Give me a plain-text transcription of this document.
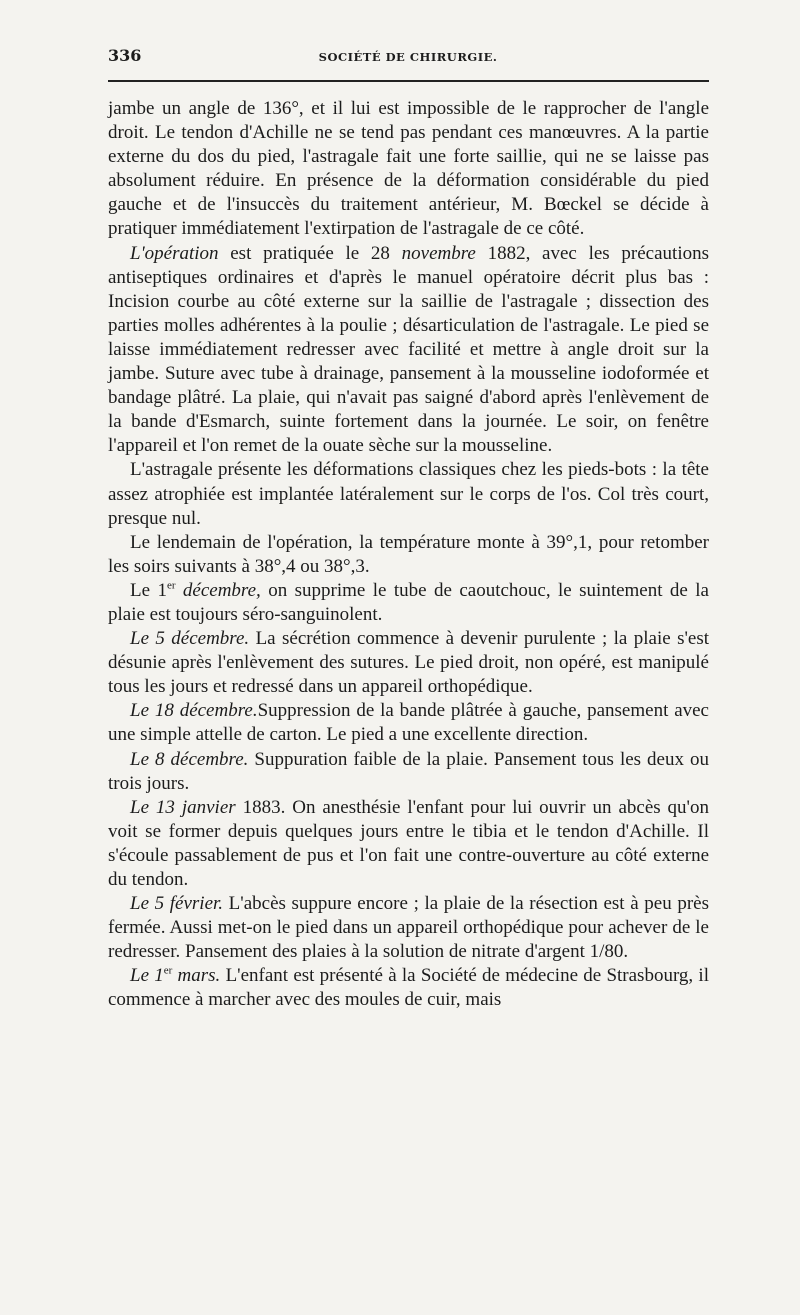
336	SOCIÉTÉ DE CHIRURGIE.

jambe un angle de 136°, et il lui est impossible de le rapprocher de l'angle droit. Le tendon d'Achille ne se tend pas pendant ces manœuvres. A la partie externe du dos du pied, l'astragale fait une forte saillie, qui ne se laisse pas absolument réduire. En présence de la déformation considérable du pied gauche et de l'insuccès du traitement antérieur, M. Bœckel se décide à pratiquer immédiatement l'extirpation de l'astragale de ce côté.

L'opération est pratiquée le 28 novembre 1882, avec les précautions antiseptiques ordinaires et d'après le manuel opératoire décrit plus bas : Incision courbe au côté externe sur la saillie de l'astragale ; dissection des parties molles adhérentes à la poulie ; désarticulation de l'astragale. Le pied se laisse immédiatement redresser avec facilité et mettre à angle droit sur la jambe. Suture avec tube à drainage, pansement à la mousseline iodoformée et bandage plâtré. La plaie, qui n'avait pas saigné d'abord après l'enlèvement de la bande d'Esmarch, suinte fortement dans la journée. Le soir, on fenêtre l'appareil et l'on remet de la ouate sèche sur la mousseline.

L'astragale présente les déformations classiques chez les pieds-bots : la tête assez atrophiée est implantée latéralement sur le corps de l'os. Col très court, presque nul.

Le lendemain de l'opération, la température monte à 39°,1, pour retomber les soirs suivants à 38°,4 ou 38°,3.

Le 1er décembre, on supprime le tube de caoutchouc, le suintement de la plaie est toujours séro-sanguinolent.

Le 5 décembre. La sécrétion commence à devenir purulente ; la plaie s'est désunie après l'enlèvement des sutures. Le pied droit, non opéré, est manipulé tous les jours et redressé dans un appareil orthopédique.

Le 18 décembre.Suppression de la bande plâtrée à gauche, pansement avec une simple attelle de carton. Le pied a une excellente direction.

Le 8 décembre. Suppuration faible de la plaie. Pansement tous les deux ou trois jours.

Le 13 janvier 1883. On anesthésie l'enfant pour lui ouvrir un abcès qu'on voit se former depuis quelques jours entre le tibia et le tendon d'Achille. Il s'écoule passablement de pus et l'on fait une contre-ouverture au côté externe du tendon.

Le 5 février. L'abcès suppure encore ; la plaie de la résection est à peu près fermée. Aussi met-on le pied dans un appareil orthopédique pour achever de le redresser. Pansement des plaies à la solution de nitrate d'argent 1/80.

Le 1er mars. L'enfant est présenté à la Société de médecine de Strasbourg, il commence à marcher avec des moules de cuir, mais
